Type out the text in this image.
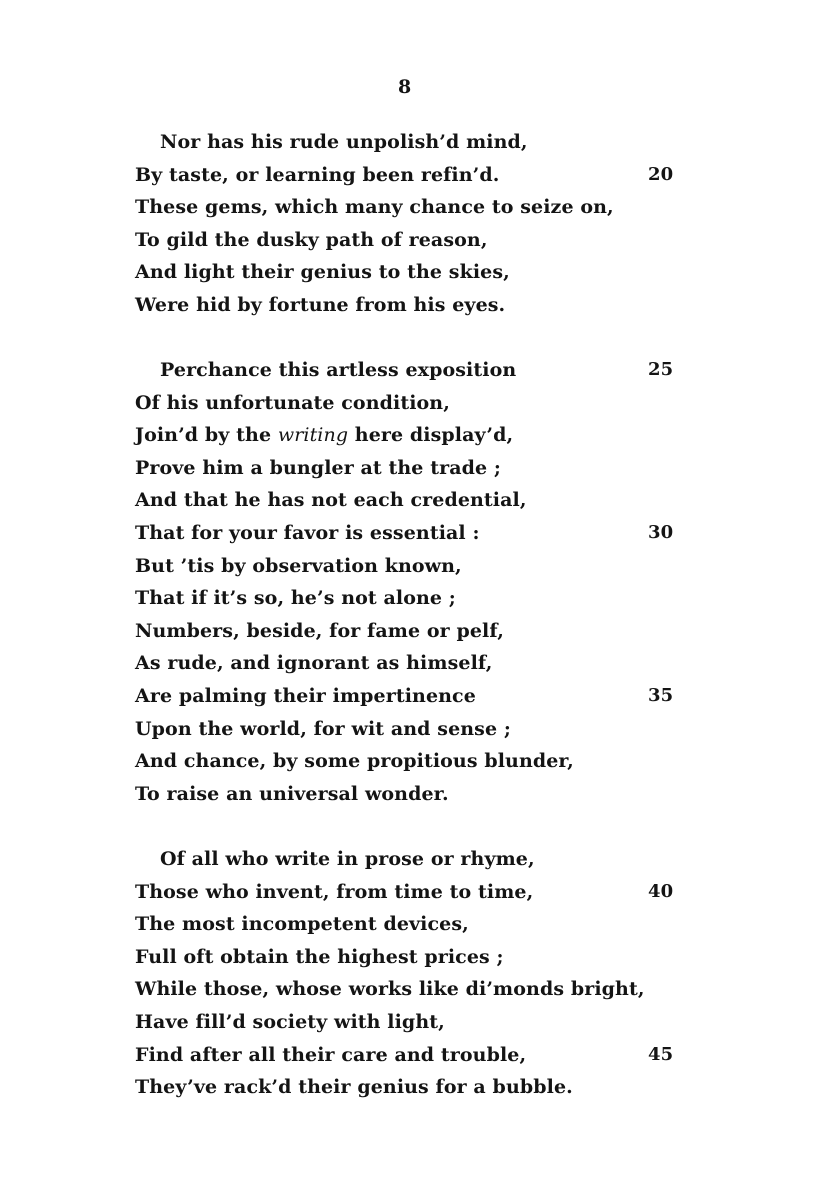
8
Nor has his rude unpolish’d mind,
By taste, or learning been refin’d.	20
These gems, which many chance to seize on,
To gild the dusky path of reason,
And light their genius to the skies,
Were hid by fortune from his eyes.
Perchance this artless exposition	25
Of his unfortunate condition,
Join’d by the writing here display’d,
Prove him a bungler at the trade ;
And that he has not each credential,
That for your favor is essential :	30
But ’tis by observation known,
That if it’s so, he’s not alone ;
Numbers, beside, for fame or pelf,
As rude, and ignorant as himself,
Are palming their impertinence	35
Upon the world, for wit and sense ;
And chance, by some propitious blunder,
To raise an universal wonder.
Of all who write in prose or rhyme,
Those who invent, from time to time,	40
The most incompetent devices,
Full oft obtain the highest prices ;
While those, whose works like di’monds bright,
Have fill’d society with light,
Find after all their care and trouble,	45
They’ve rack’d their genius for a bubble.
